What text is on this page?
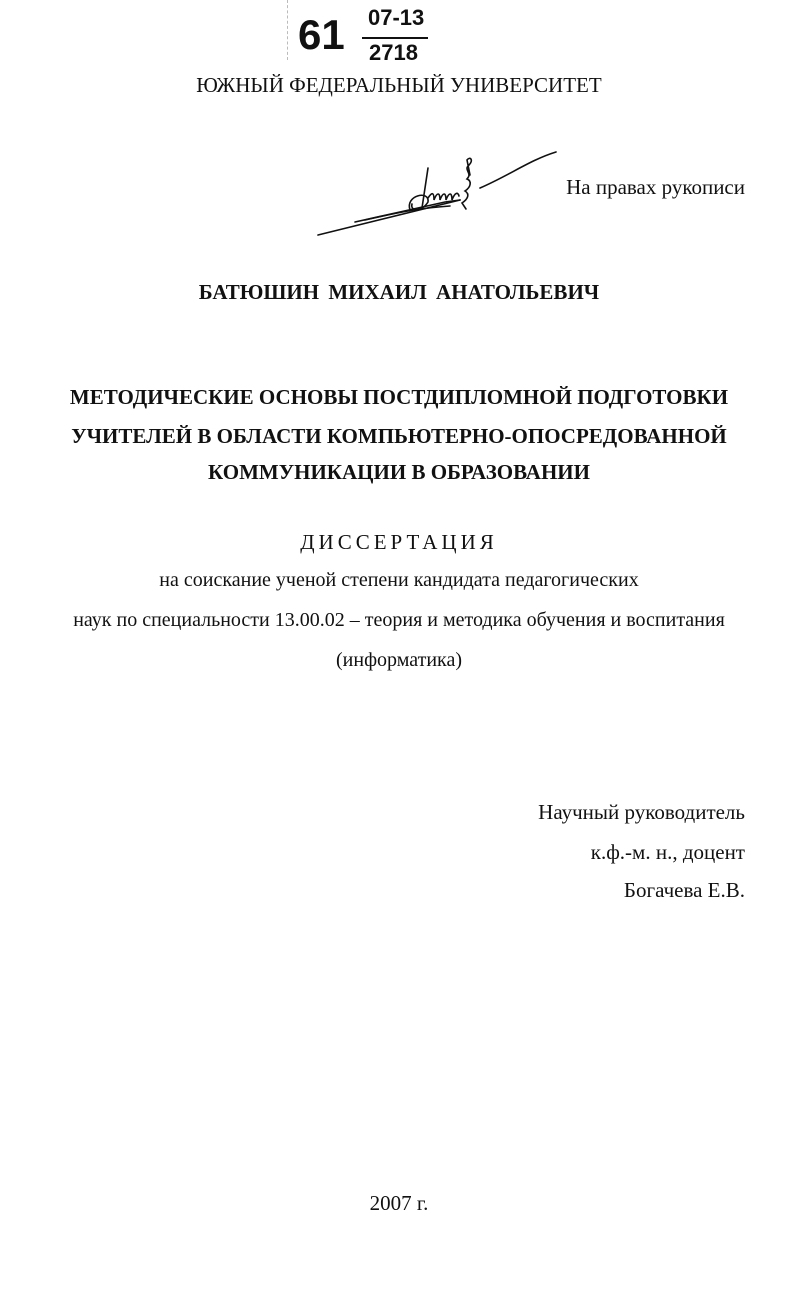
61 07-13
2718
ЮЖНЫЙ ФЕДЕРАЛЬНЫЙ УНИВЕРСИТЕТ
На правах рукописи
БАТЮШИН МИХАИЛ АНАТОЛЬЕВИЧ
МЕТОДИЧЕСКИЕ ОСНОВЫ ПОСТДИПЛОМНОЙ ПОДГОТОВКИ
УЧИТЕЛЕЙ В ОБЛАСТИ КОМПЬЮТЕРНО-ОПОСРЕДОВАННОЙ
КОММУНИКАЦИИ В ОБРАЗОВАНИИ
ДИССЕРТАЦИЯ
на соискание ученой степени кандидата педагогических
наук по специальности 13.00.02 – теория и методика обучения и воспитания
(информатика)
Научный руководитель
к.ф.-м. н., доцент
Богачева Е.В.
2007 г.
